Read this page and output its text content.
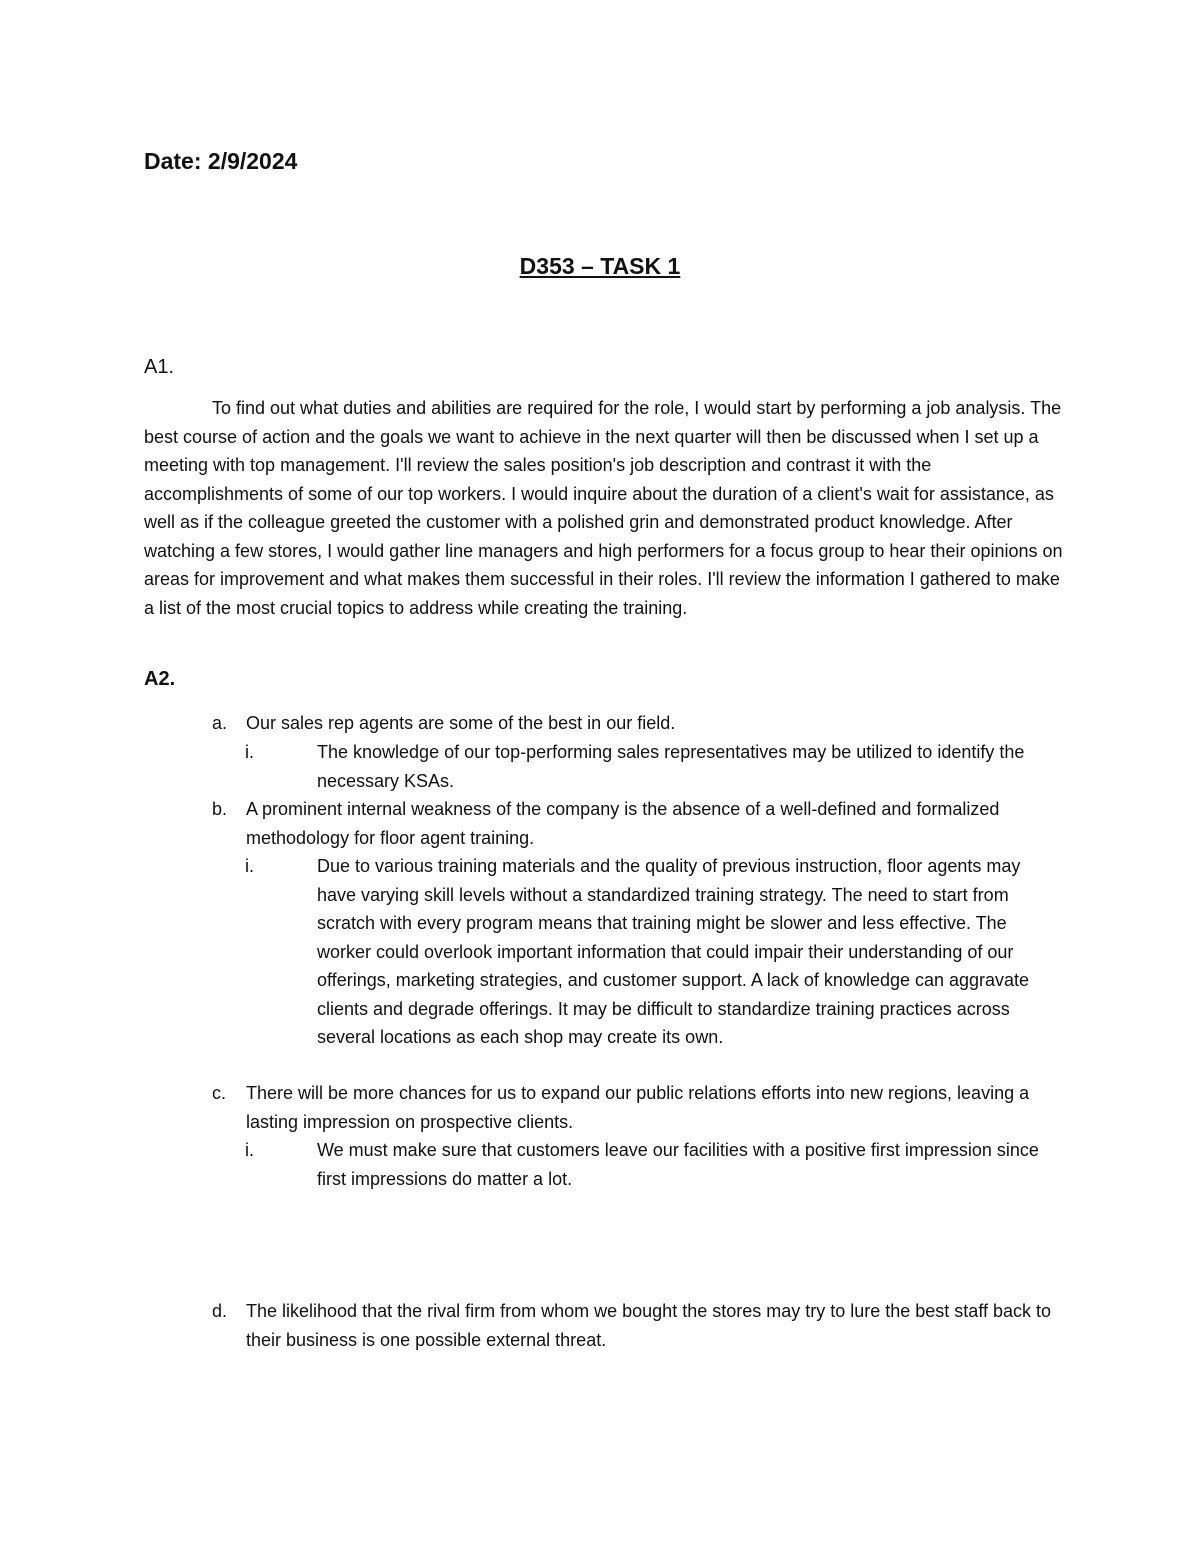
Date: 2/9/2024
D353 – TASK 1
A1.

To find out what duties and abilities are required for the role, I would start by performing a job analysis. The best course of action and the goals we want to achieve in the next quarter will then be discussed when I set up a meeting with top management. I'll review the sales position's job description and contrast it with the accomplishments of some of our top workers. I would inquire about the duration of a client's wait for assistance, as well as if the colleague greeted the customer with a polished grin and demonstrated product knowledge. After watching a few stores, I would gather line managers and high performers for a focus group to hear their opinions on areas for improvement and what makes them successful in their roles. I'll review the information I gathered to make a list of the most crucial topics to address while creating the training.

A2.
a. Our sales rep agents are some of the best in our field.
i.	The knowledge of our top-performing sales representatives may be utilized to identify the necessary KSAs.
b. A prominent internal weakness of the company is the absence of a well-defined and formalized methodology for floor agent training.
i.	Due to various training materials and the quality of previous instruction, floor agents may have varying skill levels without a standardized training strategy. The need to start from scratch with every program means that training might be slower and less effective. The worker could overlook important information that could impair their understanding of our offerings, marketing strategies, and customer support. A lack of knowledge can aggravate clients and degrade offerings. It may be difficult to standardize training practices across several locations as each shop may create its own.
c. There will be more chances for us to expand our public relations efforts into new regions, leaving a lasting impression on prospective clients.
i.	We must make sure that customers leave our facilities with a positive first impression since first impressions do matter a lot.
d. The likelihood that the rival firm from whom we bought the stores may try to lure the best staff back to their business is one possible external threat.
